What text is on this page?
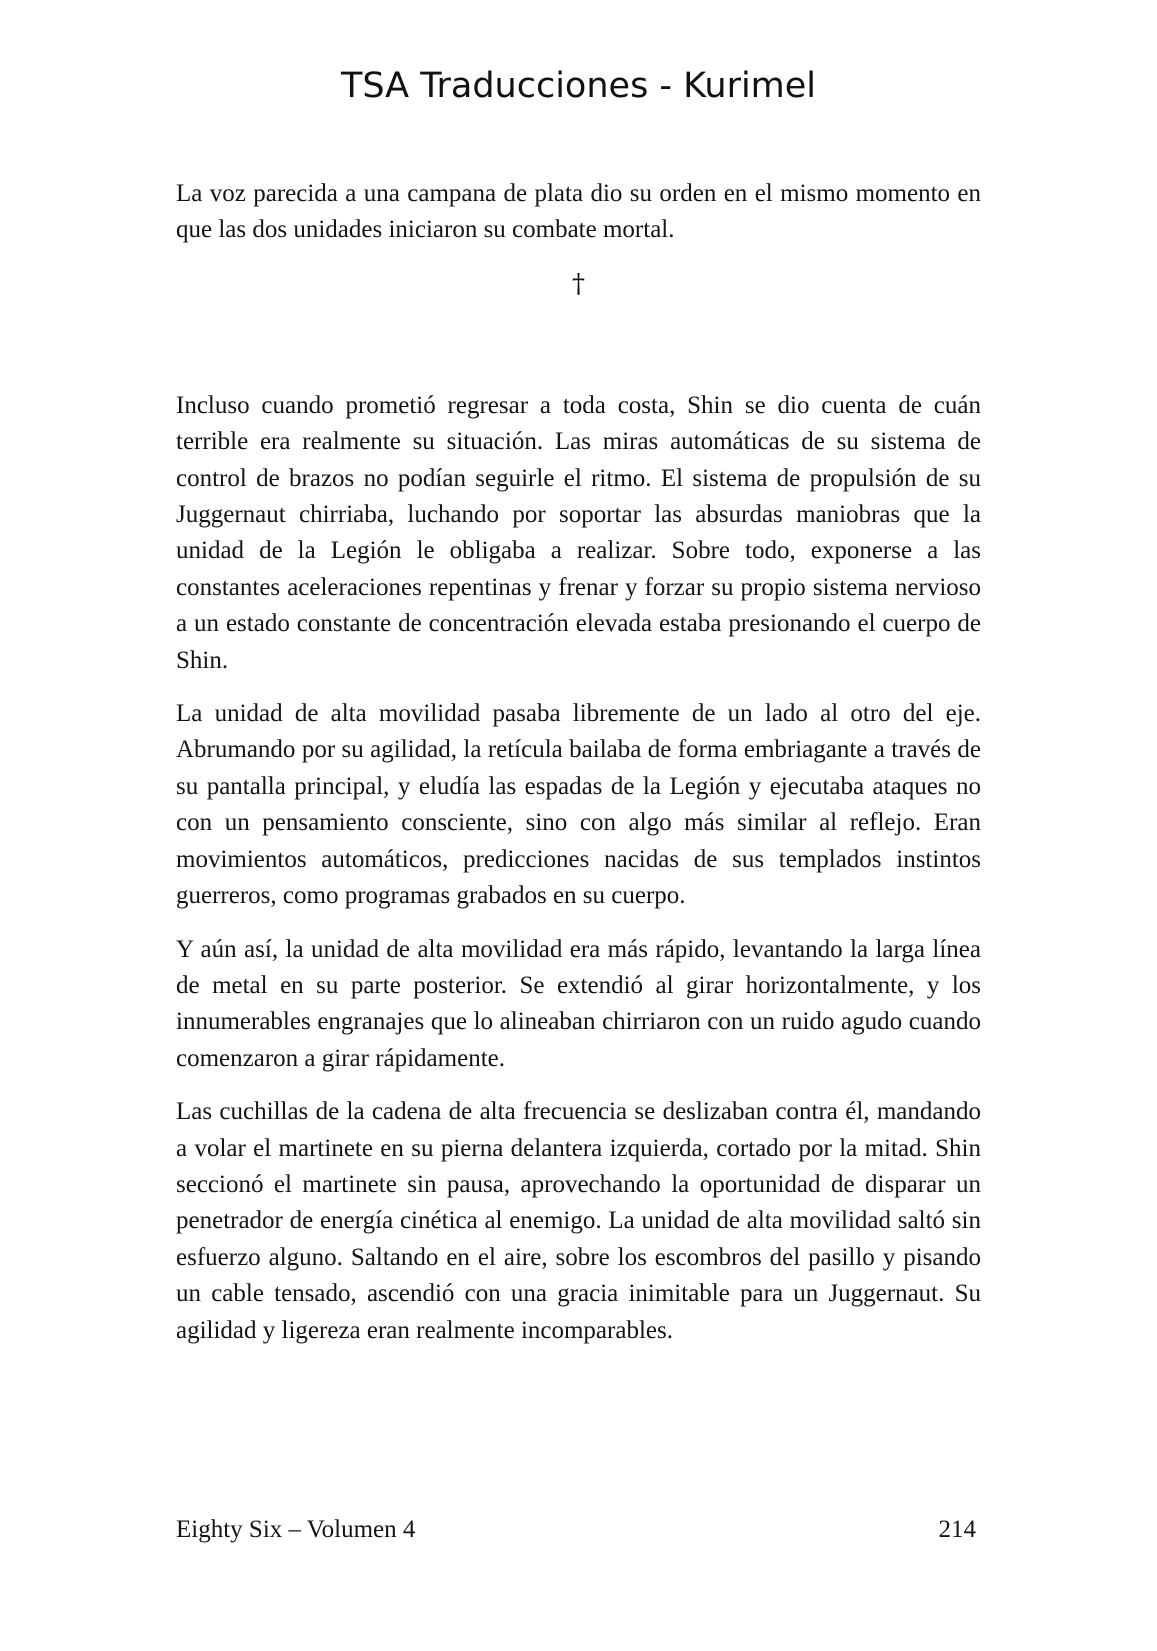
TSA Traducciones - Kurimel

La voz parecida a una campana de plata dio su orden en el mismo momento en que las dos unidades iniciaron su combate mortal.

†

Incluso cuando prometió regresar a toda costa, Shin se dio cuenta de cuán terrible era realmente su situación. Las miras automáticas de su sistema de control de brazos no podían seguirle el ritmo. El sistema de propulsión de su Juggernaut chirriaba, luchando por soportar las absurdas maniobras que la unidad de la Legión le obligaba a realizar. Sobre todo, exponerse a las constantes aceleraciones repentinas y frenar y forzar su propio sistema nervioso a un estado constante de concentración elevada estaba presionando el cuerpo de Shin.

La unidad de alta movilidad pasaba libremente de un lado al otro del eje. Abrumando por su agilidad, la retícula bailaba de forma embriagante a través de su pantalla principal, y eludía las espadas de la Legión y ejecutaba ataques no con un pensamiento consciente, sino con algo más similar al reflejo. Eran movimientos automáticos, predicciones nacidas de sus templados instintos guerreros, como programas grabados en su cuerpo.

Y aún así, la unidad de alta movilidad era más rápido, levantando la larga línea de metal en su parte posterior. Se extendió al girar horizontalmente, y los innumerables engranajes que lo alineaban chirriaron con un ruido agudo cuando comenzaron a girar rápidamente.

Las cuchillas de la cadena de alta frecuencia se deslizaban contra él, mandando a volar el martinete en su pierna delantera izquierda, cortado por la mitad. Shin seccionó el martinete sin pausa, aprovechando la oportunidad de disparar un penetrador de energía cinética al enemigo. La unidad de alta movilidad saltó sin esfuerzo alguno. Saltando en el aire, sobre los escombros del pasillo y pisando un cable tensado, ascendió con una gracia inimitable para un Juggernaut. Su agilidad y ligereza eran realmente incomparables.

Eighty Six – Volumen 4	214
